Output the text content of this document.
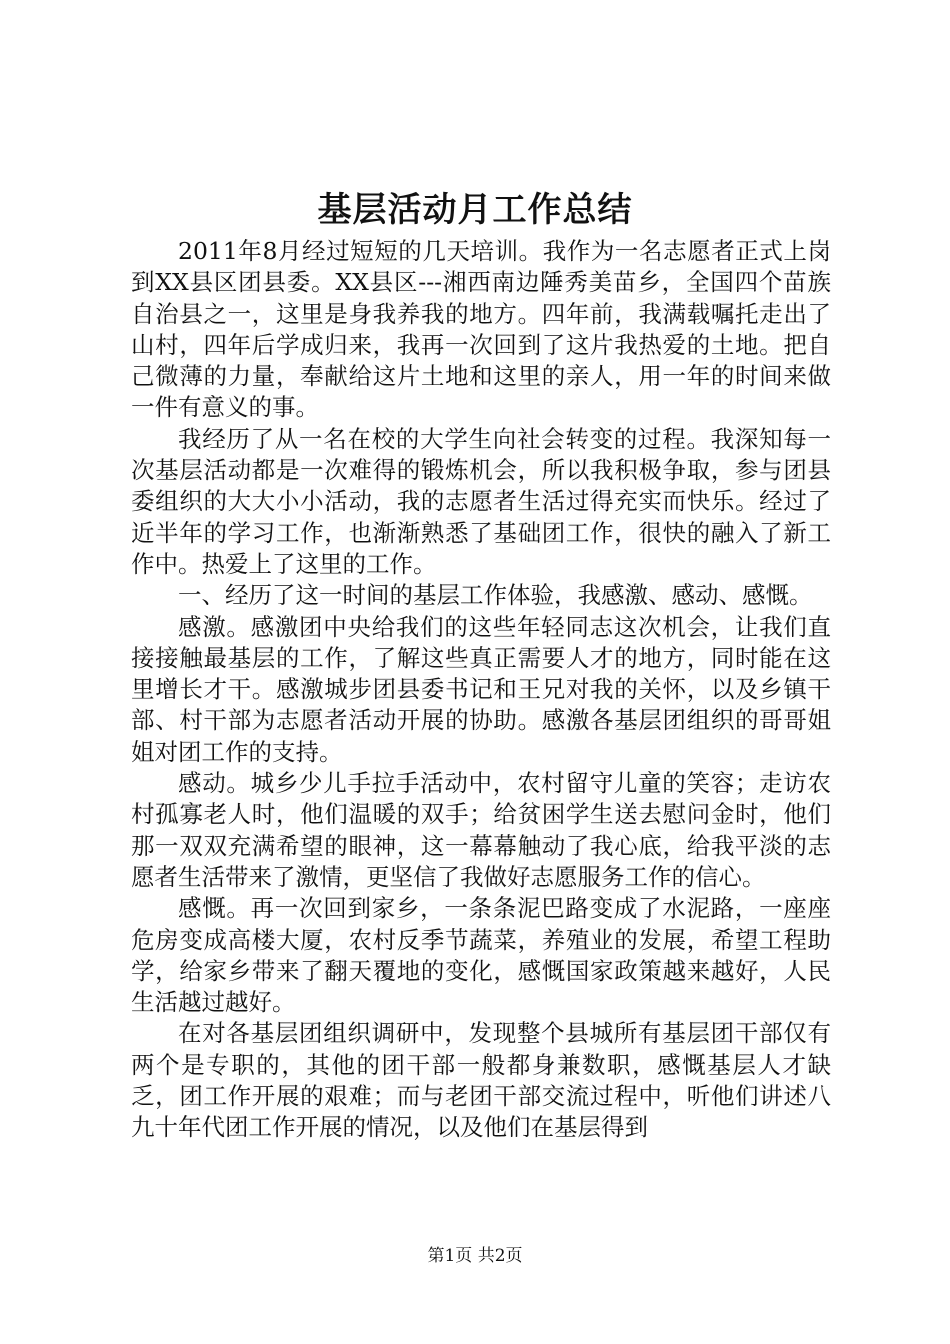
基层活动月工作总结

2011年8月经过短短的几天培训。我作为一名志愿者正式上岗到XX县区团县委。XX县区---湘西南边陲秀美苗乡，全国四个苗族自治县之一，这里是身我养我的地方。四年前，我满载嘱托走出了山村，四年后学成归来，我再一次回到了这片我热爱的土地。把自己微薄的力量，奉献给这片土地和这里的亲人，用一年的时间来做一件有意义的事。

我经历了从一名在校的大学生向社会转变的过程。我深知每一次基层活动都是一次难得的锻炼机会，所以我积极争取，参与团县委组织的大大小小活动，我的志愿者生活过得充实而快乐。经过了近半年的学习工作，也渐渐熟悉了基础团工作，很快的融入了新工作中。热爱上了这里的工作。

一、经历了这一时间的基层工作体验，我感激、感动、感慨。

感激。感激团中央给我们的这些年轻同志这次机会，让我们直接接触最基层的工作，了解这些真正需要人才的地方，同时能在这里增长才干。感激城步团县委书记和王兄对我的关怀，以及乡镇干部、村干部为志愿者活动开展的协助。感激各基层团组织的哥哥姐姐对团工作的支持。

感动。城乡少儿手拉手活动中，农村留守儿童的笑容；走访农村孤寡老人时，他们温暖的双手；给贫困学生送去慰问金时，他们那一双双充满希望的眼神，这一幕幕触动了我心底，给我平淡的志愿者生活带来了激情，更坚信了我做好志愿服务工作的信心。

感慨。再一次回到家乡，一条条泥巴路变成了水泥路，一座座危房变成高楼大厦，农村反季节蔬菜，养殖业的发展，希望工程助学，给家乡带来了翻天覆地的变化，感慨国家政策越来越好，人民生活越过越好。

在对各基层团组织调研中，发现整个县城所有基层团干部仅有两个是专职的，其他的团干部一般都身兼数职，感慨基层人才缺乏，团工作开展的艰难；而与老团干部交流过程中，听他们讲述八九十年代团工作开展的情况，以及他们在基层得到

第1页 共2页
